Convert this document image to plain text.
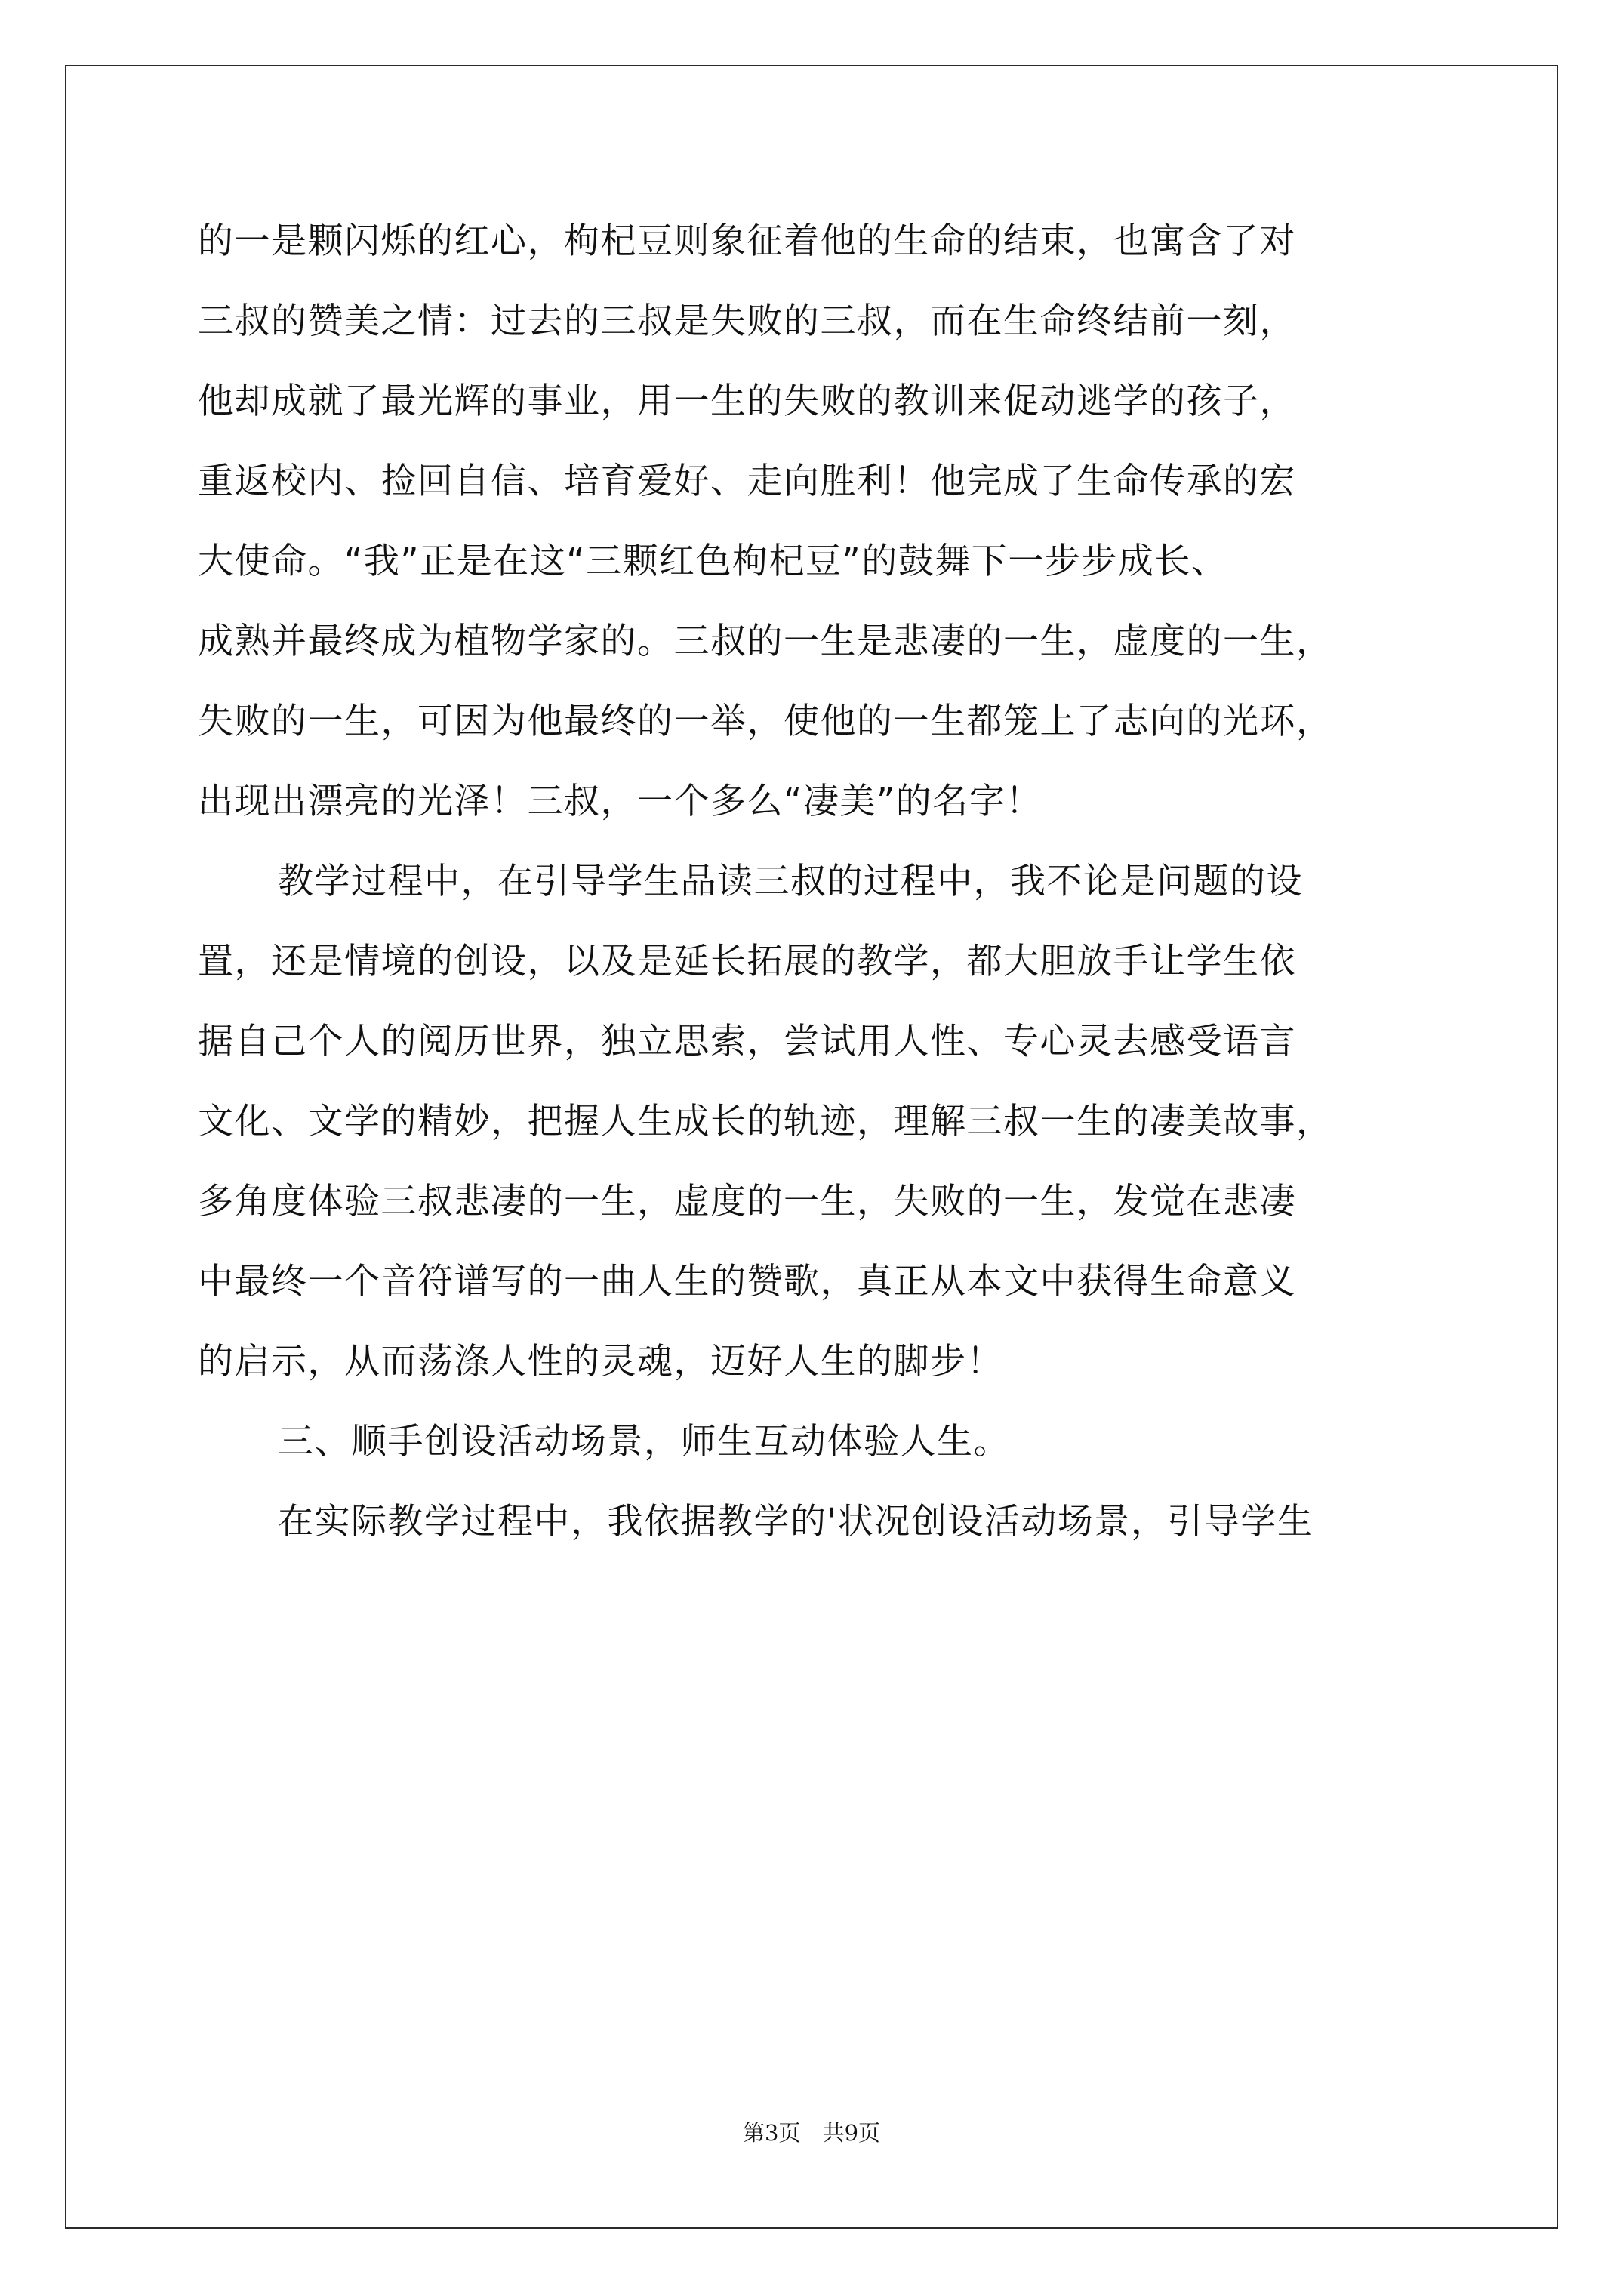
的一是颗闪烁的红心，枸杞豆则象征着他的生命的结束，也寓含了对
三叔的赞美之情：过去的三叔是失败的三叔，而在生命终结前一刻，
他却成就了最光辉的事业，用一生的失败的教训来促动逃学的孩子，
重返校内、捡回自信、培育爱好、走向胜利！他完成了生命传承的宏
大使命。“我”正是在这“三颗红色枸杞豆”的鼓舞下一步步成长、
成熟并最终成为植物学家的。三叔的一生是悲凄的一生，虚度的一生，
失败的一生，可因为他最终的一举，使他的一生都笼上了志向的光环，
出现出漂亮的光泽！三叔，一个多么“凄美”的名字！
教学过程中，在引导学生品读三叔的过程中，我不论是问题的设
置，还是情境的创设，以及是延长拓展的教学，都大胆放手让学生依
据自己个人的阅历世界，独立思索，尝试用人性、专心灵去感受语言
文化、文学的精妙，把握人生成长的轨迹，理解三叔一生的凄美故事，
多角度体验三叔悲凄的一生，虚度的一生，失败的一生，发觉在悲凄
中最终一个音符谱写的一曲人生的赞歌，真正从本文中获得生命意义
的启示，从而荡涤人性的灵魂，迈好人生的脚步！
三、顺手创设活动场景，师生互动体验人生。
在实际教学过程中，我依据教学的'状况创设活动场景，引导学生
第3页 共9页
